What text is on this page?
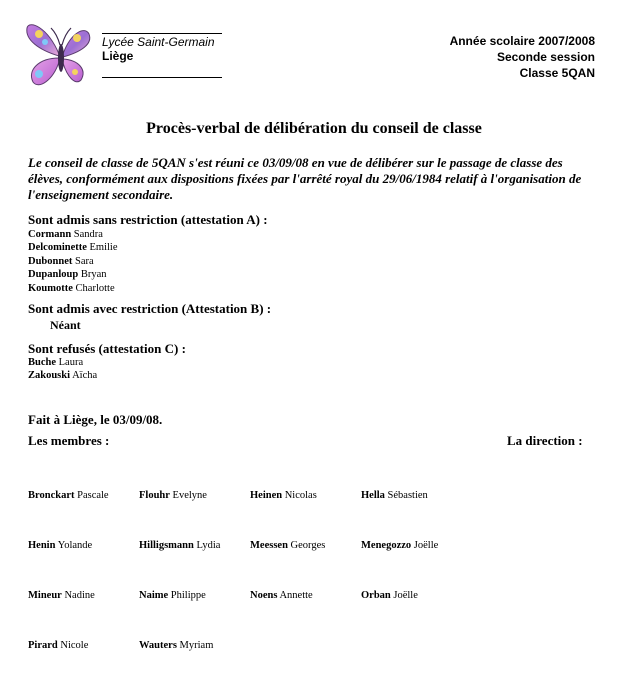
Lycée Saint-Germain
Liège
Année scolaire 2007/2008
Seconde session
Classe 5QAN
Procès-verbal de délibération du conseil de classe
Le conseil de classe de 5QAN s'est réuni ce 03/09/08 en vue de délibérer sur le passage de classe des élèves, conformément aux dispositions fixées par l'arrêté royal du 29/06/1984 relatif à l'organisation de l'enseignement secondaire.
Sont admis sans restriction (attestation A) :
Cormann Sandra
Delcominette Emilie
Dubonnet Sara
Dupanloup Bryan
Koumotte Charlotte
Sont admis avec restriction (Attestation B) :
Néant
Sont refusés (attestation C) :
Buche Laura
Zakouski Aïcha
Fait à Liège, le 03/09/08.
Les membres :	La direction :
Bronckart Pascale	Flouhr Evelyne	Heinen Nicolas	Hella Sébastien
Henin Yolande	Hilligsmann Lydia	Meessen Georges	Menegozzo Joëlle
Mineur Nadine	Naime Philippe	Noens Annette	Orban Joëlle
Pirard Nicole	Wauters Myriam
